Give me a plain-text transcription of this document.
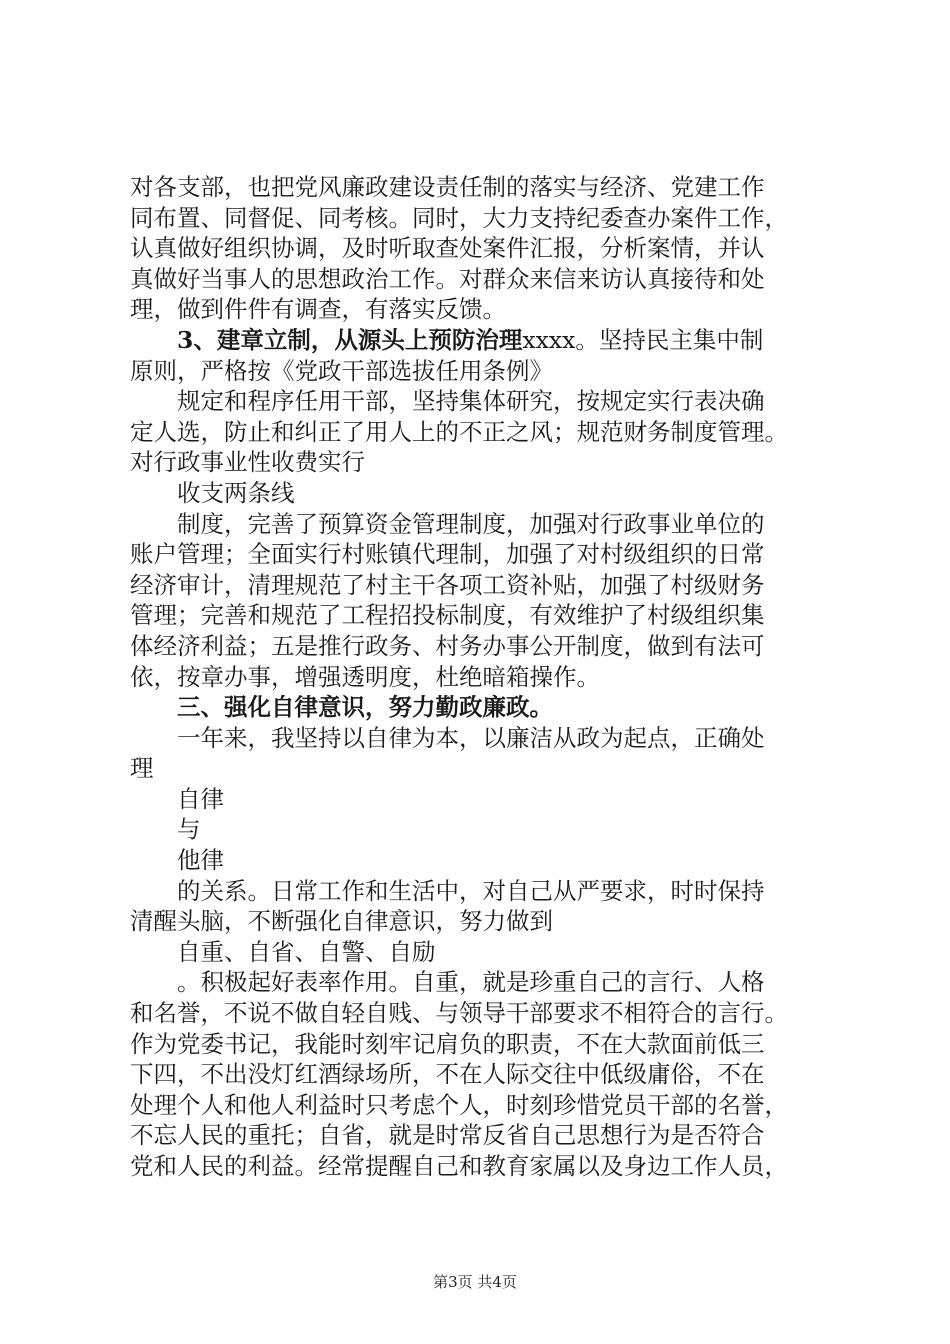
对各支部，也把党风廉政建设责任制的落实与经济、党建工作
同布置、同督促、同考核。同时，大力支持纪委查办案件工作，
认真做好组织协调，及时听取查处案件汇报，分析案情，并认
真做好当事人的思想政治工作。对群众来信来访认真接待和处
理，做到件件有调查，有落实反馈。
3、建章立制，从源头上预防治理xxxx。坚持民主集中制
原则，严格按《党政干部选拔任用条例》
规定和程序任用干部，坚持集体研究，按规定实行表决确
定人选，防止和纠正了用人上的不正之风；规范财务制度管理。
对行政事业性收费实行
收支两条线
制度，完善了预算资金管理制度，加强对行政事业单位的
账户管理；全面实行村账镇代理制，加强了对村级组织的日常
经济审计，清理规范了村主干各项工资补贴，加强了村级财务
管理；完善和规范了工程招投标制度，有效维护了村级组织集
体经济利益；五是推行政务、村务办事公开制度，做到有法可
依，按章办事，增强透明度，杜绝暗箱操作。
三、强化自律意识，努力勤政廉政。
一年来，我坚持以自律为本，以廉洁从政为起点，正确处
理
自律
与
他律
的关系。日常工作和生活中，对自己从严要求，时时保持
清醒头脑，不断强化自律意识，努力做到
自重、自省、自警、自励
。积极起好表率作用。自重，就是珍重自己的言行、人格
和名誉，不说不做自轻自贱、与领导干部要求不相符合的言行。
作为党委书记，我能时刻牢记肩负的职责，不在大款面前低三
下四，不出没灯红酒绿场所，不在人际交往中低级庸俗，不在
处理个人和他人利益时只考虑个人，时刻珍惜党员干部的名誉，
不忘人民的重托；自省，就是时常反省自己思想行为是否符合
党和人民的利益。经常提醒自己和教育家属以及身边工作人员，
第3页 共4页
